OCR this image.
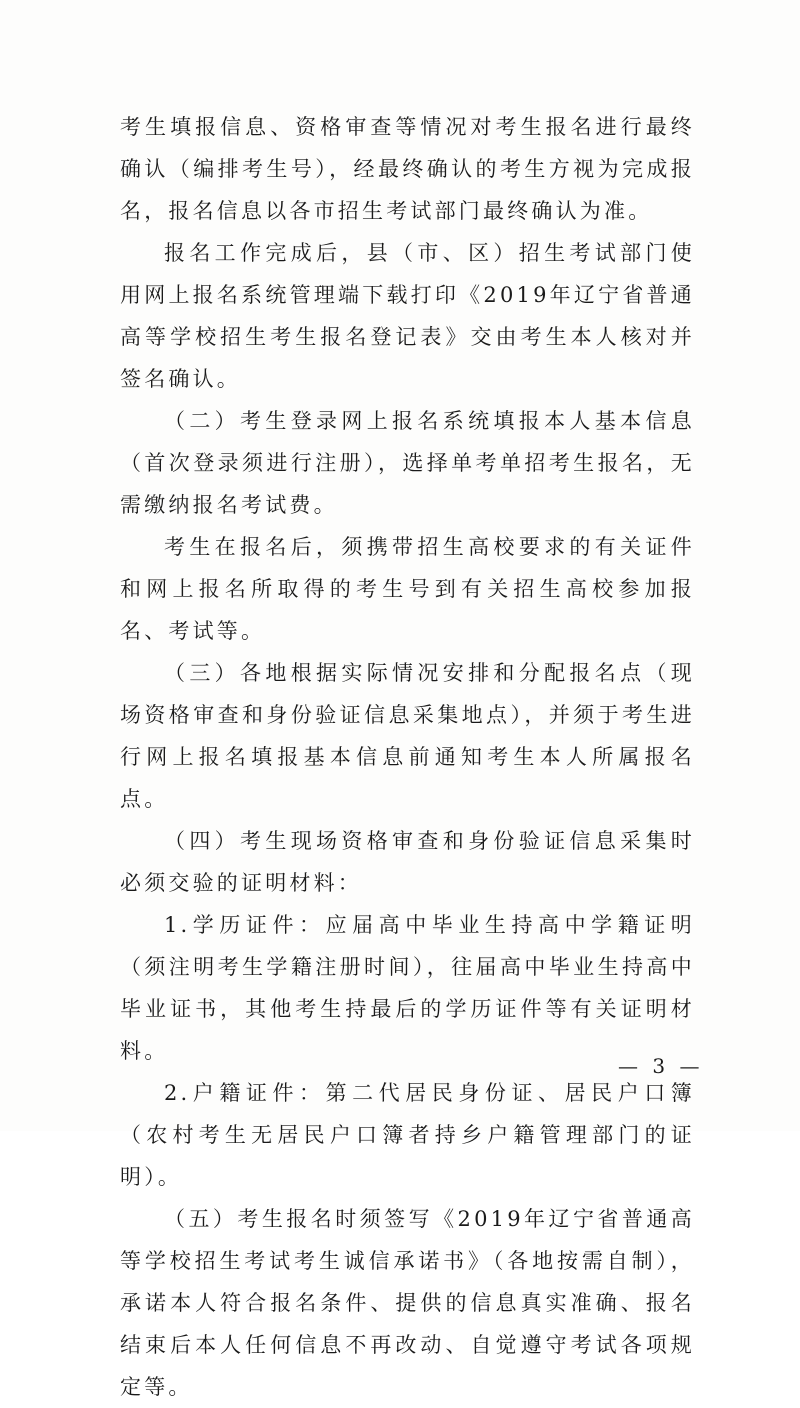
考生填报信息、资格审查等情况对考生报名进行最终确认（编排考生号），经最终确认的考生方视为完成报名，报名信息以各市招生考试部门最终确认为准。

报名工作完成后，县（市、区）招生考试部门使用网上报名系统管理端下载打印《2019年辽宁省普通高等学校招生考生报名登记表》交由考生本人核对并签名确认。

（二）考生登录网上报名系统填报本人基本信息（首次登录须进行注册），选择单考单招考生报名，无需缴纳报名考试费。

考生在报名后，须携带招生高校要求的有关证件和网上报名所取得的考生号到有关招生高校参加报名、考试等。

（三）各地根据实际情况安排和分配报名点（现场资格审查和身份验证信息采集地点），并须于考生进行网上报名填报基本信息前通知考生本人所属报名点。

（四）考生现场资格审查和身份验证信息采集时必须交验的证明材料：

1.学历证件：应届高中毕业生持高中学籍证明（须注明考生学籍注册时间），往届高中毕业生持高中毕业证书，其他考生持最后的学历证件等有关证明材料。

2.户籍证件：第二代居民身份证、居民户口簿（农村考生无居民户口簿者持乡户籍管理部门的证明）。

（五）考生报名时须签写《2019年辽宁省普通高等学校招生考试考生诚信承诺书》（各地按需自制），承诺本人符合报名条件、提供的信息真实准确、报名结束后本人任何信息不再改动、自觉遵守考试各项规定等。

— 3 —
